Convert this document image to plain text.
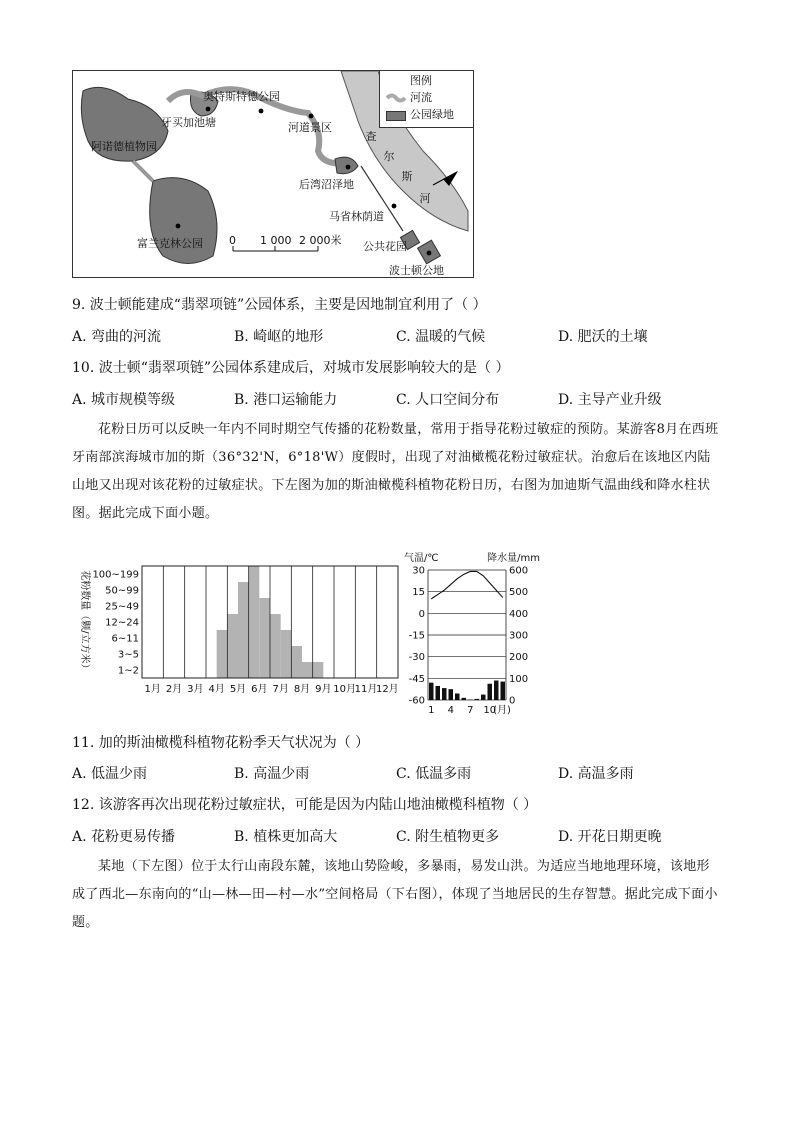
图例
河流
公园绿地
奥特斯特德公园
牙买加池塘
阿诺德植物园
河道景区
后湾沼泽地
富兰克林公园
马省林荫道
公共花园
波士顿公地
查
尔
斯
河
0 1 000 2 000米
9. 波士顿能建成“翡翠项链”公园体系，主要是因地制宜利用了（ ）
A. 弯曲的河流	B. 崎岖的地形	C. 温暖的气候	D. 肥沃的土壤
10. 波士顿“翡翠项链”公园体系建成后，对城市发展影响较大的是（ ）
A. 城市规模等级	B. 港口运输能力	C. 人口空间分布	D. 主导产业升级
花粉日历可以反映一年内不同时期空气传播的花粉数量，常用于指导花粉过敏症的预防。某游客8月在西班牙南部滨海城市加的斯（36°32'N，6°18'W）度假时，出现了对油橄榄花粉过敏症状。治愈后在该地区内陆山地又出现对该花粉的过敏症状。下左图为加的斯油橄榄科植物花粉日历，右图为加迪斯气温曲线和降水柱状图。据此完成下面小题。
1~2
3~5
6~11
12~24
25~49
50~99
100~199
1月 2月 3月 4月 5月 6月 7月 8月 9月 10月
11月
12月
花粉数量（颗/立方米）
气温/℃	降水量/mm
30	600
15	500
0	400
-15	300
-30	200
-45	100
-60	0
1 4 7 10
(月)
11. 加的斯油橄榄科植物花粉季天气状况为（ ）
A. 低温少雨	B. 高温少雨	C. 低温多雨	D. 高温多雨
12. 该游客再次出现花粉过敏症状，可能是因为内陆山地油橄榄科植物（ ）
A. 花粉更易传播	B. 植株更加高大	C. 附生植物更多	D. 开花日期更晚
某地（下左图）位于太行山南段东麓，该地山势险峻，多暴雨，易发山洪。为适应当地地理环境，该地形成了西北—东南向的“山—林—田—村—水”空间格局（下右图），体现了当地居民的生存智慧。据此完成下面小题。
